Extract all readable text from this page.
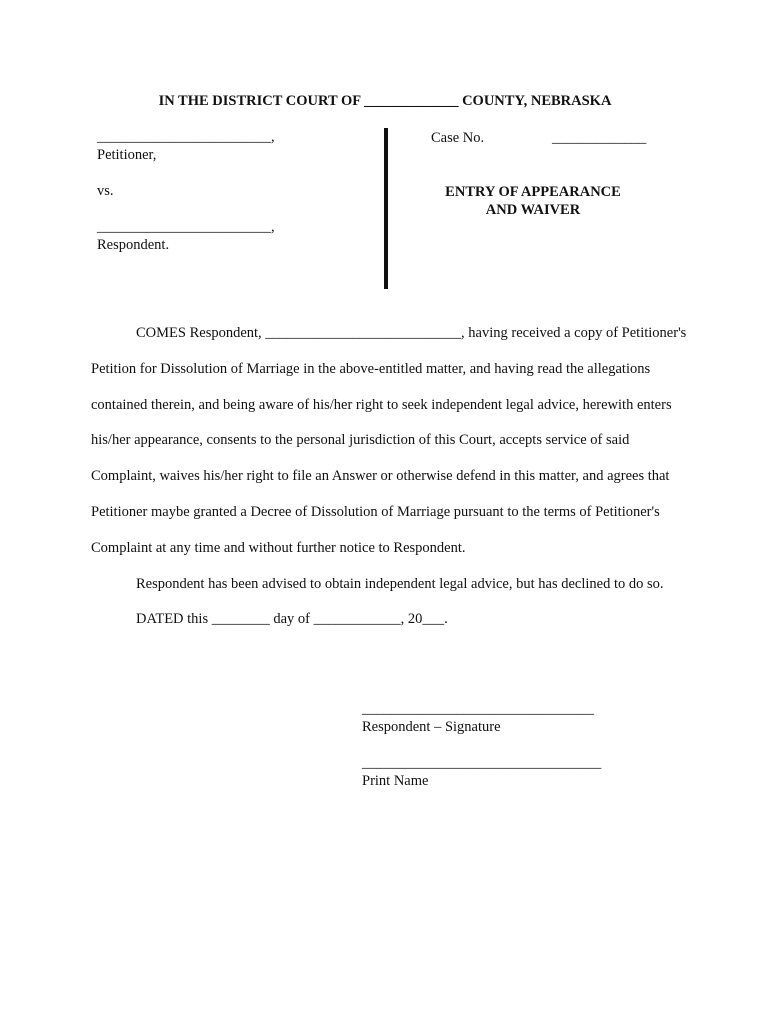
IN THE DISTRICT COURT OF _____________ COUNTY, NEBRASKA
________________________,
Petitioner,
vs.
________________________,
Respondent.
Case No.	_____________
ENTRY OF APPEARANCE
AND WAIVER

COMES Respondent, ___________________________, having received a copy of Petitioner's Petition for Dissolution of Marriage in the above-entitled matter, and having read the allegations contained therein, and being aware of his/her right to seek independent legal advice, herewith enters his/her appearance, consents to the personal jurisdiction of this Court, accepts service of said Complaint, waives his/her right to file an Answer or otherwise defend in this matter, and agrees that Petitioner maybe granted a Decree of Dissolution of Marriage pursuant to the terms of Petitioner's Complaint at any time and without further notice to Respondent.

Respondent has been advised to obtain independent legal advice, but has declined to do so.

DATED this ________ day of ____________, 20___.

________________________________
Respondent – Signature
_________________________________
Print Name
